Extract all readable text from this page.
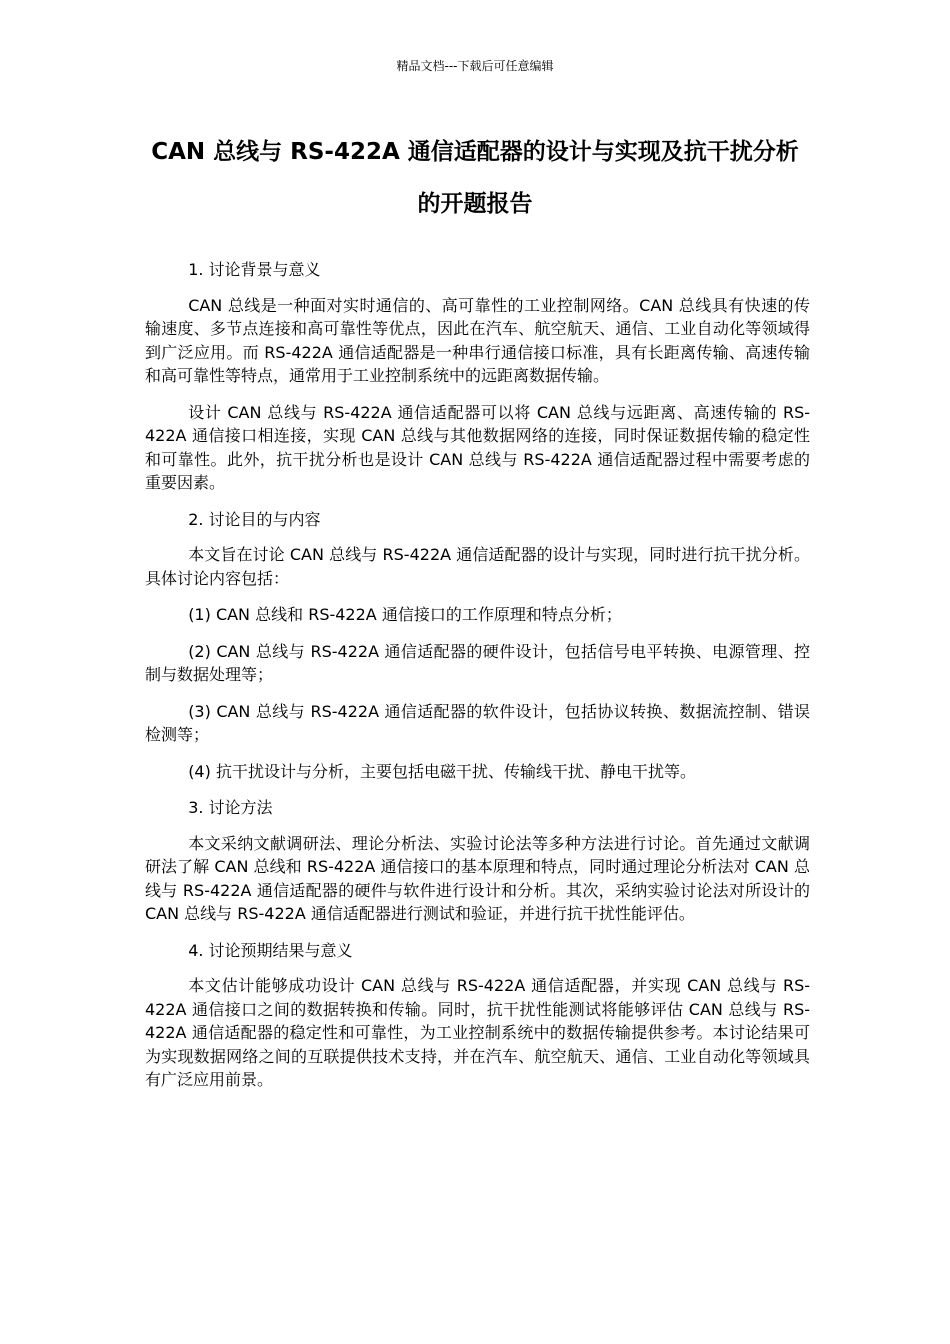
精品文档---下载后可任意编辑
CAN 总线与 RS-422A 通信适配器的设计与实现及抗干扰分析的开题报告

1. 讨论背景与意义

CAN 总线是一种面对实时通信的、高可靠性的工业控制网络。CAN 总线具有快速的传输速度、多节点连接和高可靠性等优点，因此在汽车、航空航天、通信、工业自动化等领域得到广泛应用。而 RS-422A 通信适配器是一种串行通信接口标准，具有长距离传输、高速传输和高可靠性等特点，通常用于工业控制系统中的远距离数据传输。

设计 CAN 总线与 RS-422A 通信适配器可以将 CAN 总线与远距离、高速传输的 RS-422A 通信接口相连接，实现 CAN 总线与其他数据网络的连接，同时保证数据传输的稳定性和可靠性。此外，抗干扰分析也是设计 CAN 总线与 RS-422A 通信适配器过程中需要考虑的重要因素。

2. 讨论目的与内容

本文旨在讨论 CAN 总线与 RS-422A 通信适配器的设计与实现，同时进行抗干扰分析。具体讨论内容包括：

(1) CAN 总线和 RS-422A 通信接口的工作原理和特点分析；

(2) CAN 总线与 RS-422A 通信适配器的硬件设计，包括信号电平转换、电源管理、控制与数据处理等；

(3) CAN 总线与 RS-422A 通信适配器的软件设计，包括协议转换、数据流控制、错误检测等；

(4) 抗干扰设计与分析，主要包括电磁干扰、传输线干扰、静电干扰等。

3. 讨论方法

本文采纳文献调研法、理论分析法、实验讨论法等多种方法进行讨论。首先通过文献调研法了解 CAN 总线和 RS-422A 通信接口的基本原理和特点，同时通过理论分析法对 CAN 总线与 RS-422A 通信适配器的硬件与软件进行设计和分析。其次，采纳实验讨论法对所设计的 CAN 总线与 RS-422A 通信适配器进行测试和验证，并进行抗干扰性能评估。

4. 讨论预期结果与意义

本文估计能够成功设计 CAN 总线与 RS-422A 通信适配器，并实现 CAN 总线与 RS-422A 通信接口之间的数据转换和传输。同时，抗干扰性能测试将能够评估 CAN 总线与 RS-422A 通信适配器的稳定性和可靠性，为工业控制系统中的数据传输提供参考。本讨论结果可为实现数据网络之间的互联提供技术支持，并在汽车、航空航天、通信、工业自动化等领域具有广泛应用前景。
